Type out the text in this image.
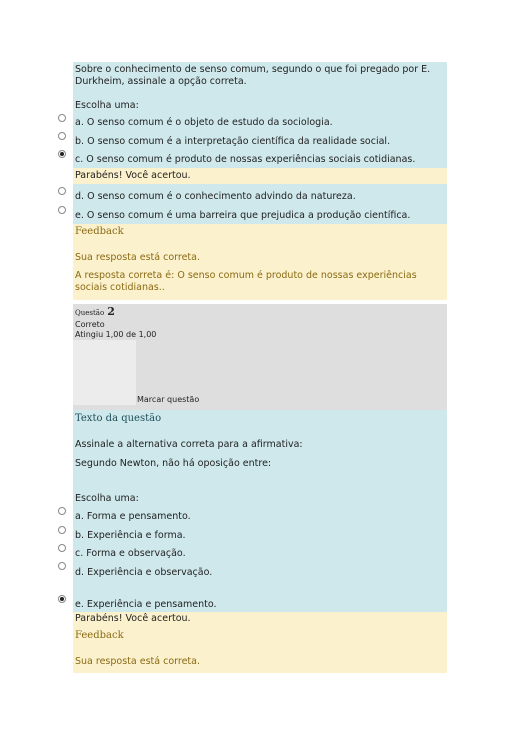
Sobre o conhecimento de senso comum, segundo o que foi pregado por E. Durkheim, assinale a opção correta.
Escolha uma:
a. O senso comum é o objeto de estudo da sociologia.
b. O senso comum é a interpretação científica da realidade social.
c. O senso comum é produto de nossas experiências sociais cotidianas.
Parabéns! Você acertou.
d. O senso comum é o conhecimento advindo da natureza.
e. O senso comum é uma barreira que prejudica a produção científica.
Feedback
Sua resposta está correta.
A resposta correta é: O senso comum é produto de nossas experiências sociais cotidianas..
Questão 2
Correto
Atingiu 1,00 de 1,00
Marcar questão
Texto da questão
Assinale a alternativa correta para a afirmativa:
Segundo Newton, não há oposição entre:
Escolha uma:
a. Forma e pensamento.
b. Experiência e forma.
c. Forma e observação.
d. Experiência e observação.
e. Experiência e pensamento.
Parabéns! Você acertou.
Feedback
Sua resposta está correta.
